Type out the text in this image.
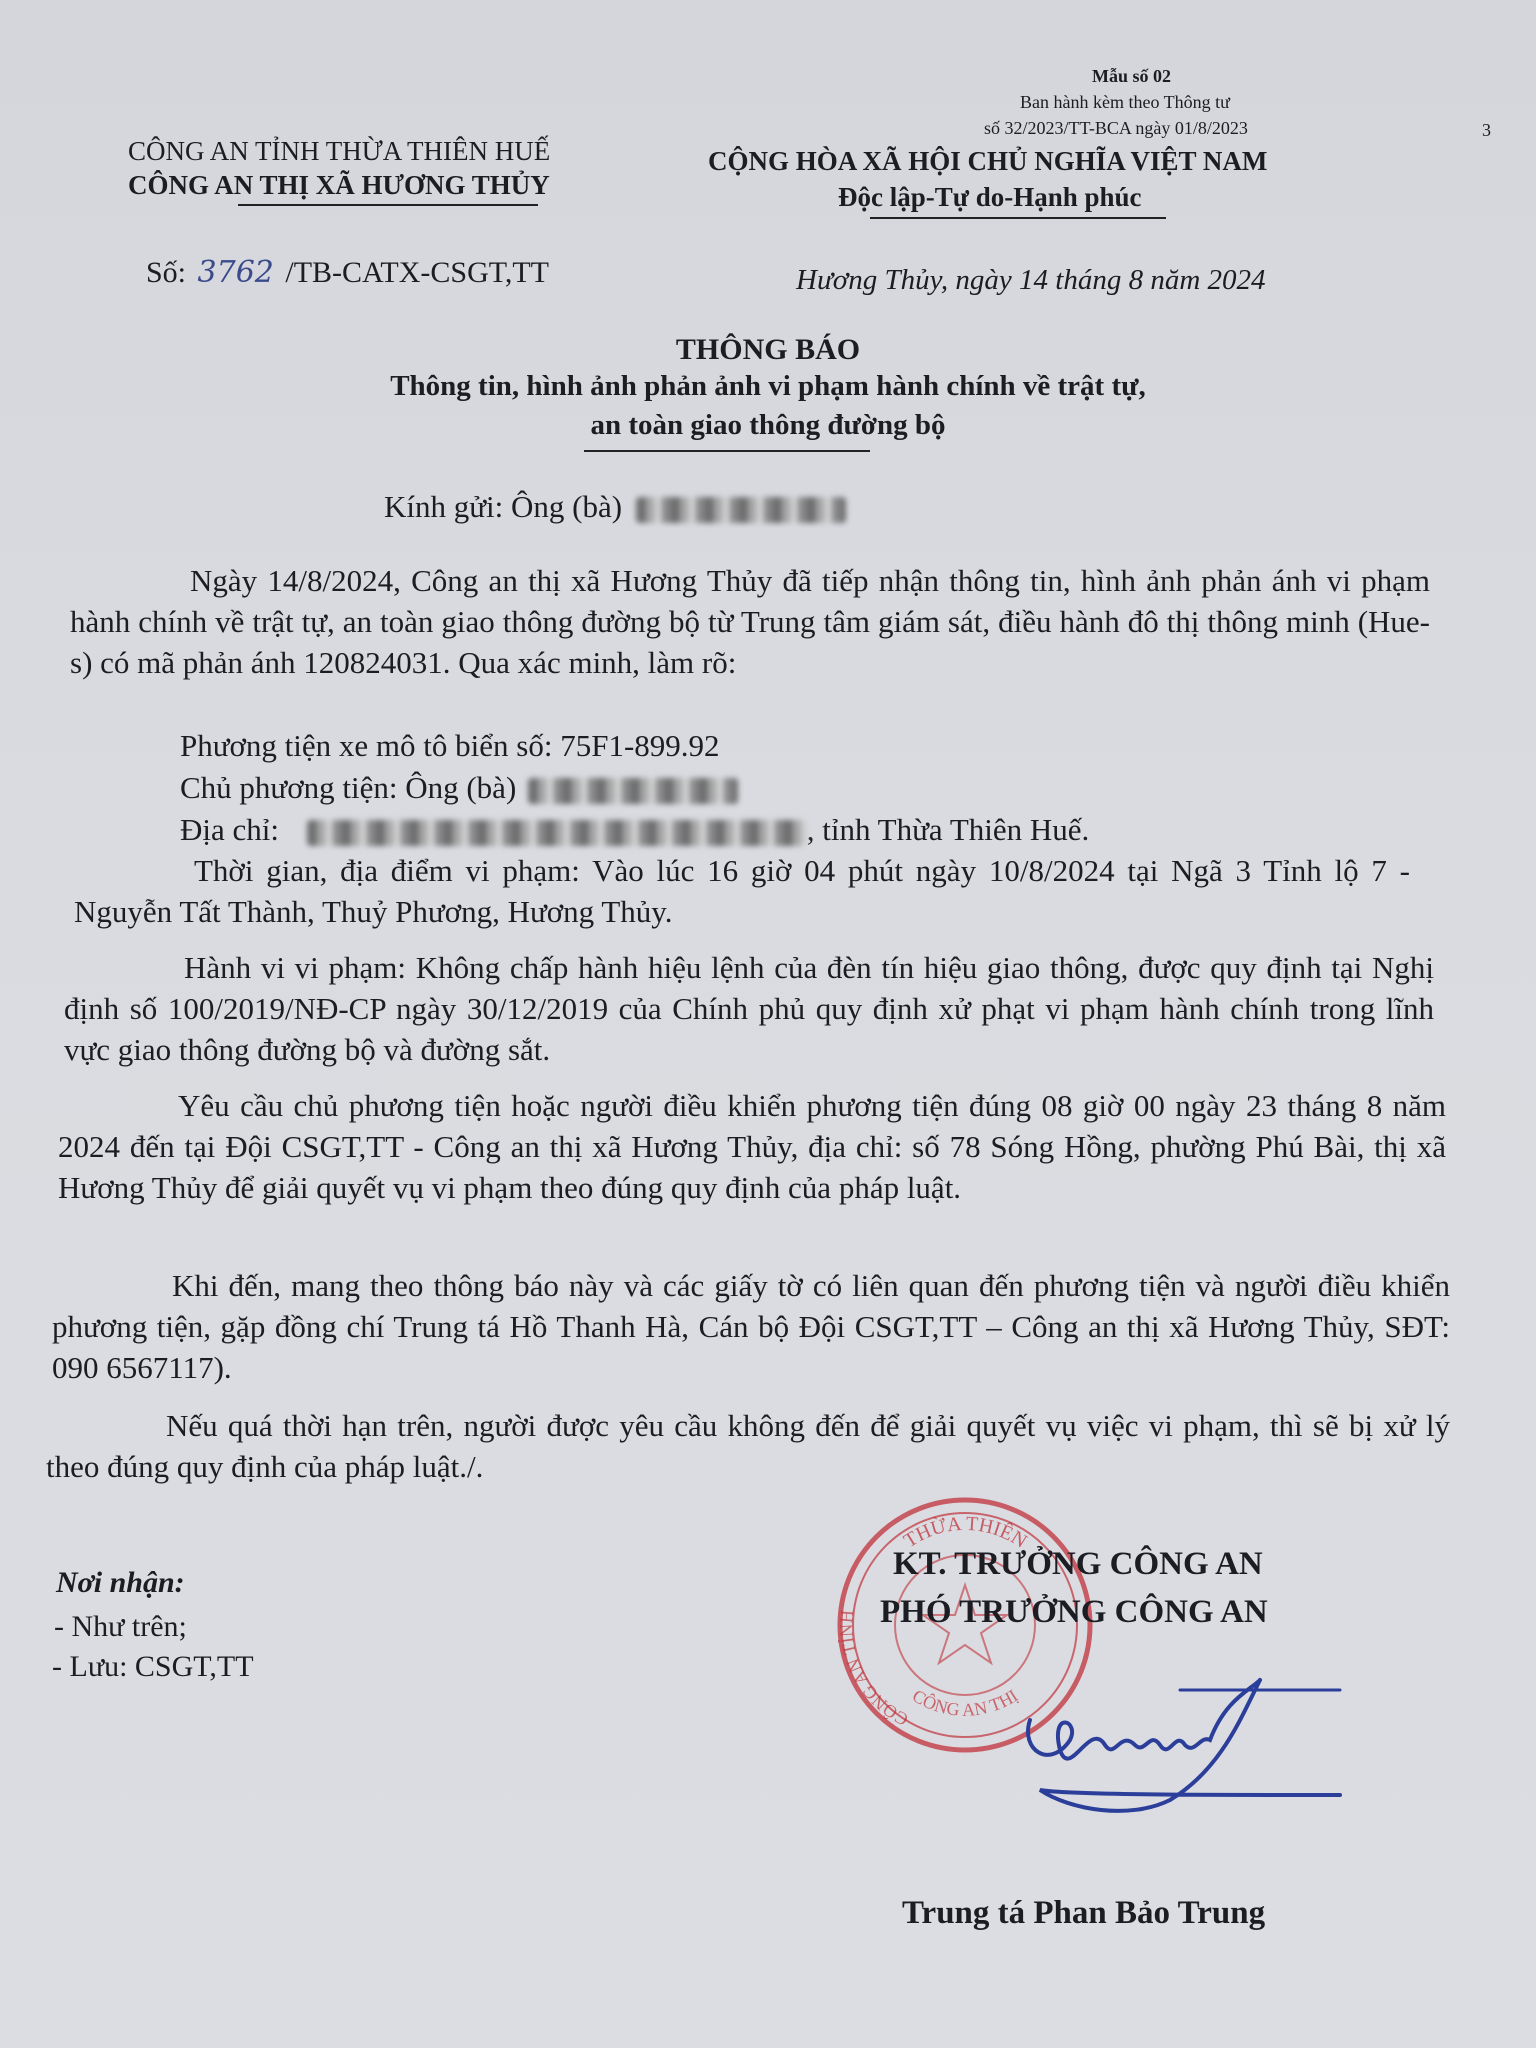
Mẫu số 02
Ban hành kèm theo Thông tư
số 32/2023/TT-BCA ngày 01/8/2023	3
CÔNG AN TỈNH THỪA THIÊN HUẾ
CÔNG AN THỊ XÃ HƯƠNG THỦY
CỘNG HÒA XÃ HỘI CHỦ NGHĨA VIỆT NAM
Độc lập-Tự do-Hạnh phúc
Số: 3762 /TB-CATX-CSGT,TT	Hương Thủy, ngày 14 tháng 8 năm 2024
THÔNG BÁO
Thông tin, hình ảnh phản ảnh vi phạm hành chính về trật tự,
an toàn giao thông đường bộ
Kính gửi: Ông (bà)

Ngày 14/8/2024, Công an thị xã Hương Thủy đã tiếp nhận thông tin, hình ảnh phản ánh vi phạm hành chính về trật tự, an toàn giao thông đường bộ từ Trung tâm giám sát, điều hành đô thị thông minh (Hue-s) có mã phản ánh 120824031. Qua xác minh, làm rõ:

Phương tiện xe mô tô biển số: 75F1-899.92
Chủ phương tiện: Ông (bà)
Địa chỉ:	, tỉnh Thừa Thiên Huế.

Thời gian, địa điểm vi phạm: Vào lúc 16 giờ 04 phút ngày 10/8/2024 tại Ngã 3 Tỉnh lộ 7 - Nguyễn Tất Thành, Thuỷ Phương, Hương Thủy.

Hành vi vi phạm: Không chấp hành hiệu lệnh của đèn tín hiệu giao thông, được quy định tại Nghị định số 100/2019/NĐ-CP ngày 30/12/2019 của Chính phủ quy định xử phạt vi phạm hành chính trong lĩnh vực giao thông đường bộ và đường sắt.

Yêu cầu chủ phương tiện hoặc người điều khiển phương tiện đúng 08 giờ 00 ngày 23 tháng 8 năm 2024 đến tại Đội CSGT,TT - Công an thị xã Hương Thủy, địa chỉ: số 78 Sóng Hồng, phường Phú Bài, thị xã Hương Thủy để giải quyết vụ vi phạm theo đúng quy định của pháp luật.

Khi đến, mang theo thông báo này và các giấy tờ có liên quan đến phương tiện và người điều khiển phương tiện, gặp đồng chí Trung tá Hồ Thanh Hà, Cán bộ Đội CSGT,TT – Công an thị xã Hương Thủy, SĐT: 090 6567117).

Nếu quá thời hạn trên, người được yêu cầu không đến để giải quyết vụ việc vi phạm, thì sẽ bị xử lý theo đúng quy định của pháp luật./.

Nơi nhận:
- Như trên;
- Lưu: CSGT,TT
THỪA THIÊN
CÔNG AN TỈNH
CÔNG AN THỊ
KT. TRƯỞNG CÔNG AN
PHÓ TRƯỞNG CÔNG AN
Trung tá Phan Bảo Trung
